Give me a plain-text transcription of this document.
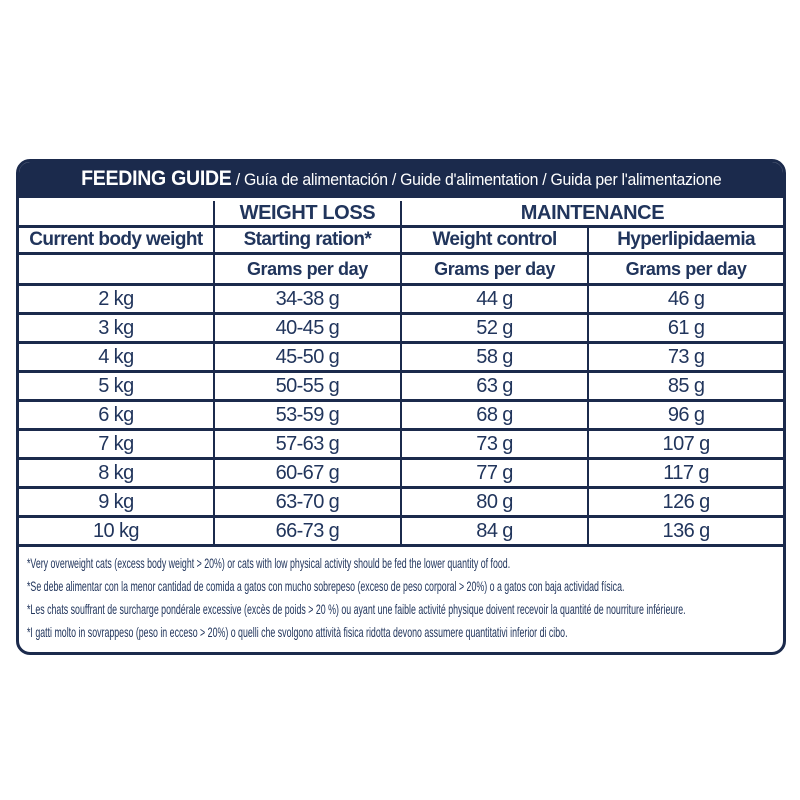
FEEDING GUIDE / Guía de alimentación / Guide d'alimentation / Guida per l'alimentazione
	WEIGHT LOSS	MAINTENANCE	
Current body weight	Starting ration*	Weight control	Hyperlipidaemia
	Grams per day	Grams per day	Grams per day
2 kg	34-38 g	44 g	46 g
3 kg	40-45 g	52 g	61 g
4 kg	45-50 g	58 g	73 g
5 kg	50-55 g	63 g	85 g
6 kg	53-59 g	68 g	96 g
7 kg	57-63 g	73 g	107 g
8 kg	60-67 g	77 g	117 g
9 kg	63-70 g	80 g	126 g
10 kg	66-73 g	84 g	136 g
*Very overweight cats (excess body weight > 20%) or cats with low physical activity should be fed the lower quantity of food.
*Se debe alimentar con la menor cantidad de comida a gatos con mucho sobrepeso (exceso de peso corporal > 20%) o a gatos con baja actividad física.
*Les chats souffrant de surcharge pondérale excessive (excès de poids > 20 %) ou ayant une faible activité physique doivent recevoir la quantité de nourriture inférieure.
*I gatti molto in sovrappeso (peso in ecceso > 20%) o quelli che svolgono attività fisica ridotta devono assumere quantitativi inferior di cibo.
